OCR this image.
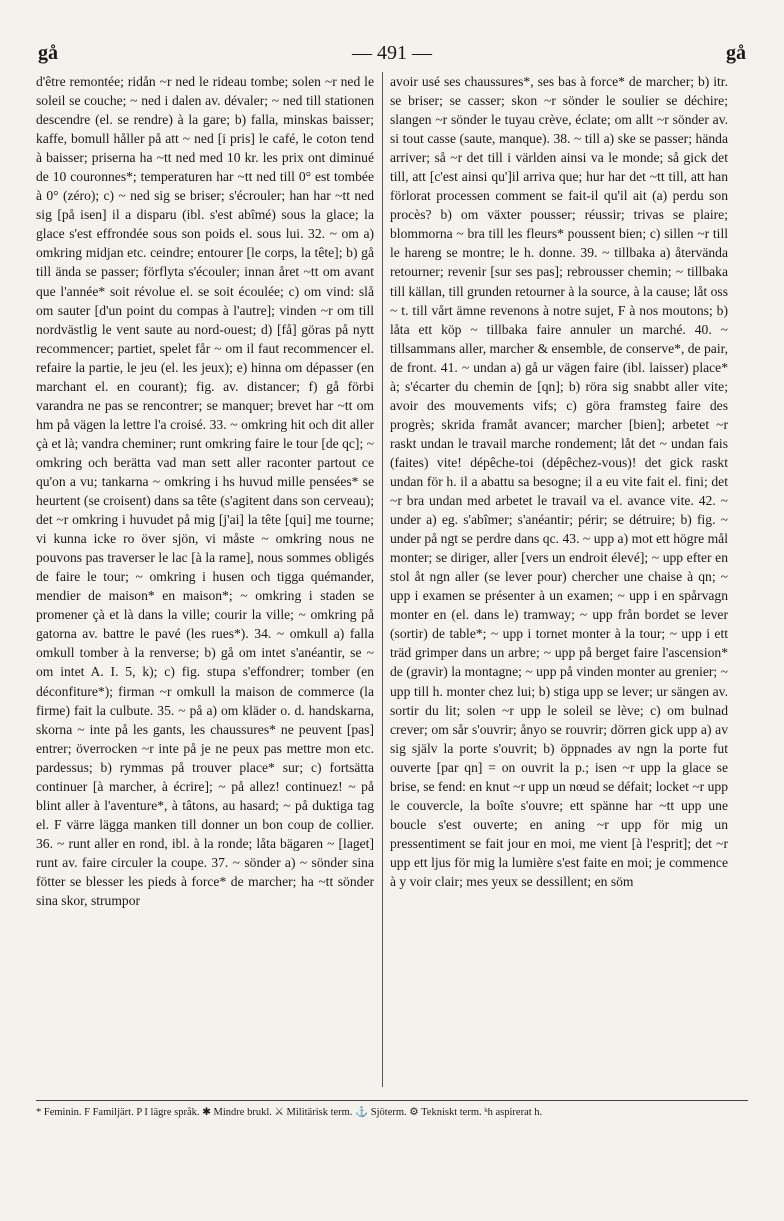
gå	— 491 —	gå

d'être remontée; ridån ~r ned le rideau tombe; solen ~r ned le soleil se couche; ~ ned i dalen av. dévaler; ~ ned till stationen descendre (el. se rendre) à la gare; b) falla, minskas baisser; kaffe, bomull håller på att ~ ned [i pris] le café, le coton tend à baisser; priserna ha ~tt ned med 10 kr. les prix ont diminué de 10 couronnes*; temperaturen har ~tt ned till 0° est tombée à 0° (zéro); c) ~ ned sig se briser; s'écrouler; han har ~tt ned sig [på isen] il a disparu (ibl. s'est abîmé) sous la glace; la glace s'est effrondée sous son poids el. sous lui. 32. ~ om a) omkring midjan etc. ceindre; entourer [le corps, la tête]; b) gå till ända se passer; förflyta s'écouler; innan året ~tt om avant que l'année* soit révolue el. se soit écoulée; c) om vind: slå om sauter [d'un point du compas à l'autre]; vinden ~r om till nordvästlig le vent saute au nord-ouest; d) [få] göras på nytt recommencer; partiet, spelet får ~ om il faut recommencer el. refaire la partie, le jeu (el. les jeux); e) hinna om dépasser (en marchant el. en courant); fig. av. distancer; f) gå förbi varandra ne pas se rencontrer; se manquer; brevet har ~tt om hm på vägen la lettre l'a croisé. 33. ~ omkring hit och dit aller çà et là; vandra cheminer; runt omkring faire le tour [de qc]; ~ omkring och berätta vad man sett aller raconter partout ce qu'on a vu; tankarna ~ omkring i hs huvud mille pensées* se heurtent (se croisent) dans sa tête (s'agitent dans son cerveau); det ~r omkring i huvudet på mig [j'ai] la tête [qui] me tourne; vi kunna icke ro över sjön, vi måste ~ omkring nous ne pouvons pas traverser le lac [à la rame], nous sommes obligés de faire le tour; ~ omkring i husen och tigga quémander, mendier de maison* en maison*; ~ omkring i staden se promener çà et là dans la ville; courir la ville; ~ omkring på gatorna av. battre le pavé (les rues*). 34. ~ omkull a) falla omkull tomber à la renverse; b) gå om intet s'anéantir, se ~ om intet A. I. 5, k); c) fig. stupa s'effondrer; tomber (en déconfiture*); firman ~r omkull la maison de commerce (la firme) fait la culbute. 35. ~ på a) om kläder o. d. handskarna, skorna ~ inte på les gants, les chaussures* ne peuvent [pas] entrer; överrocken ~r inte på je ne peux pas mettre mon etc. pardessus; b) rymmas på trouver place* sur; c) fortsätta continuer [à marcher, à écrire]; ~ på allez! continuez! ~ på blint aller à l'aventure*, à tâtons, au hasard; ~ på duktiga tag el. F värre lägga manken till donner un bon coup de collier. 36. ~ runt aller en rond, ibl. à la ronde; låta bägaren ~ [laget] runt av. faire circuler la coupe. 37. ~ sönder a) ~ sönder sina fötter se blesser les pieds à force* de marcher; ha ~tt sönder sina skor, strumpor

avoir usé ses chaussures*, ses bas à force* de marcher; b) itr. se briser; se casser; skon ~r sönder le soulier se déchire; slangen ~r sönder le tuyau crève, éclate; om allt ~r sönder av. si tout casse (saute, manque). 38. ~ till a) ske se passer; hända arriver; så ~r det till i världen ainsi va le monde; så gick det till, att [c'est ainsi qu']il arriva que; hur har det ~tt till, att han förlorat processen comment se fait-il qu'il ait (a) perdu son procès? b) om växter pousser; réussir; trivas se plaire; blommorna ~ bra till les fleurs* poussent bien; c) sillen ~r till le hareng se montre; le h. donne. 39. ~ tillbaka a) återvända retourner; revenir [sur ses pas]; rebrousser chemin; ~ tillbaka till källan, till grunden retourner à la source, à la cause; låt oss ~ t. till vårt ämne revenons à notre sujet, F à nos moutons; b) låta ett köp ~ tillbaka faire annuler un marché. 40. ~ tillsammans aller, marcher & ensemble, de conserve*, de pair, de front. 41. ~ undan a) gå ur vägen faire (ibl. laisser) place* à; s'écarter du chemin de [qn]; b) röra sig snabbt aller vite; avoir des mouvements vifs; c) göra framsteg faire des progrès; skrida framåt avancer; marcher [bien]; arbetet ~r raskt undan le travail marche rondement; låt det ~ undan fais (faites) vite! dépêche-toi (dépêchez-vous)! det gick raskt undan för h. il a abattu sa besogne; il a eu vite fait el. fini; det ~r bra undan med arbetet le travail va el. avance vite. 42. ~ under a) eg. s'abîmer; s'anéantir; périr; se détruire; b) fig. ~ under på ngt se perdre dans qc. 43. ~ upp a) mot ett högre mål monter; se diriger, aller [vers un endroit élevé]; ~ upp efter en stol åt ngn aller (se lever pour) chercher une chaise à qn; ~ upp i examen se présenter à un examen; ~ upp i en spårvagn monter en (el. dans le) tramway; ~ upp från bordet se lever (sortir) de table*; ~ upp i tornet monter à la tour; ~ upp i ett träd grimper dans un arbre; ~ upp på berget faire l'ascension* de (gravir) la montagne; ~ upp på vinden monter au grenier; ~ upp till h. monter chez lui; b) stiga upp se lever; ur sängen av. sortir du lit; solen ~r upp le soleil se lève; c) om bulnad crever; om sår s'ouvrir; ånyo se rouvrir; dörren gick upp a) av sig själv la porte s'ouvrit; b) öppnades av ngn la porte fut ouverte [par qn] = on ouvrit la p.; isen ~r upp la glace se brise, se fend: en knut ~r upp un nœud se défait; locket ~r upp le couvercle, la boîte s'ouvre; ett spänne har ~tt upp une boucle s'est ouverte; en aning ~r upp för mig un pressentiment se fait jour en moi, me vient [à l'esprit]; det ~r upp ett ljus för mig la lumière s'est faite en moi; je commence à y voir clair; mes yeux se dessillent; en söm

* Feminin. F Familjärt. P I lägre språk. ✱ Mindre brukl. ⚔ Militärisk term. ⚓ Sjöterm. ⚙ Tekniskt term. ʰh aspirerat h.
